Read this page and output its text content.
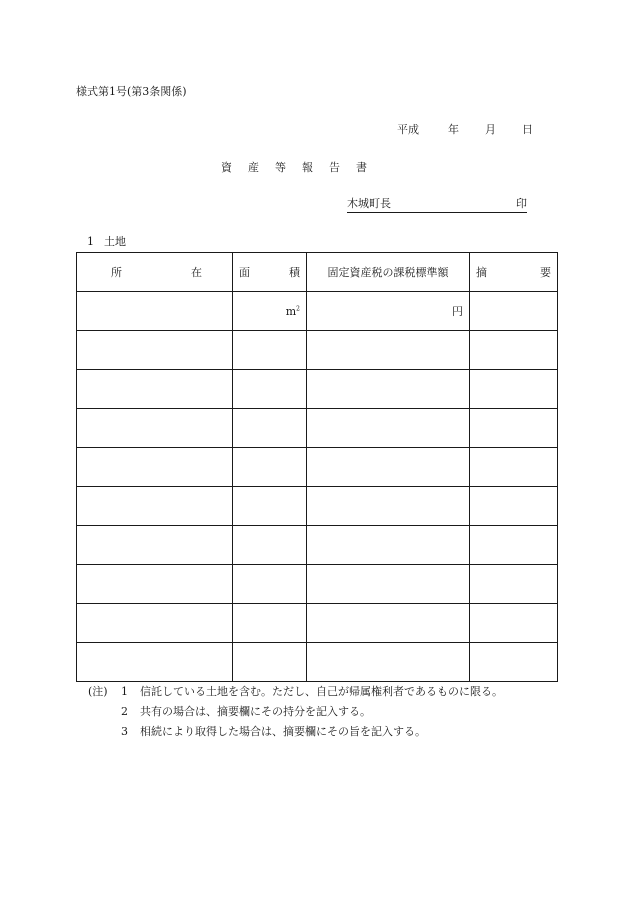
様式第1号(第3条関係)
平成	年 月 日
資 産 等 報 告 書
木城町長	印
1 土地
所 在	面 積	固定資産税の課税標準額	摘 要

	$m^2$	円	

(注)	1	信託している土地を含む。ただし、自己が帰属権利者であるものに限る。
2	共有の場合は、摘要欄にその持分を記入する。
3	相続により取得した場合は、摘要欄にその旨を記入する。
